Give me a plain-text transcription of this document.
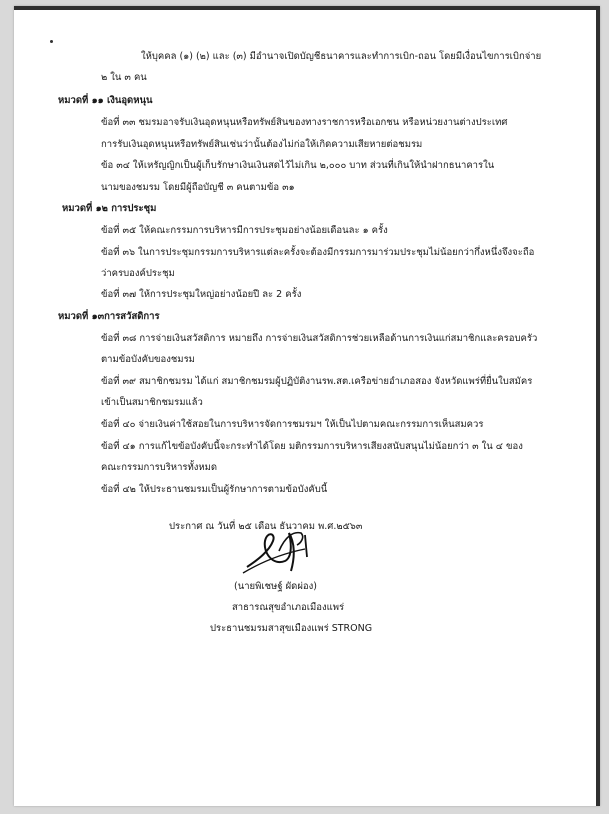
ให้บุคคล (๑) (๒) และ (๓) มีอำนาจเปิดบัญชีธนาคารและทำการเบิก-ถอน โดยมีเงื่อนไขการเบิกจ่าย
๒ ใน ๓ คน
หมวดที่ ๑๑ เงินอุดหนุน
ข้อที่ ๓๓ ชมรมอาจรับเงินอุดหนุนหรือทรัพย์สินของทางราชการหรือเอกชน หรือหน่วยงานต่างประเทศ
การรับเงินอุดหนุนหรือทรัพย์สินเช่นว่านั้นต้องไม่ก่อให้เกิดความเสียหายต่อชมรม
ข้อ ๓๔ ให้เหรัญญิกเป็นผู้เก็บรักษาเงินเงินสดไว้ไม่เกิน ๒,๐๐๐ บาท ส่วนที่เกินให้นำฝากธนาคารใน
นามของชมรม โดยมีผู้ถือบัญชี ๓ คนตามข้อ ๓๑
หมวดที่ ๑๒ การประชุม
ข้อที่ ๓๕ ให้คณะกรรมการบริหารมีการประชุมอย่างน้อยเดือนละ ๑ ครั้ง
ข้อที่ ๓๖ ในการประชุมกรรมการบริหารแต่ละครั้งจะต้องมีกรรมการมาร่วมประชุมไม่น้อยกว่ากึ่งหนึ่งจึงจะถือ
ว่าครบองค์ประชุม
ข้อที่ ๓๗ ให้การประชุมใหญ่อย่างน้อยปี ละ 2 ครั้ง
หมวดที่ ๑๓การสวัสดิการ
ข้อที่ ๓๘ การจ่ายเงินสวัสดิการ หมายถึง การจ่ายเงินสวัสดิการช่วยเหลือด้านการเงินแก่สมาชิกและครอบครัว
ตามข้อบังคับของชมรม
ข้อที่ ๓๙ สมาชิกชมรม ได้แก่ สมาชิกชมรมผู้ปฏิบัติงานรพ.สต.เครือข่ายอำเภอสอง จังหวัดแพร่ที่ยื่นใบสมัคร
เข้าเป็นสมาชิกชมรมแล้ว
ข้อที่ ๔๐ จ่ายเงินค่าใช้สอยในการบริหารจัดการชมรมฯ ให้เป็นไปตามคณะกรรมการเห็นสมควร
ข้อที่ ๔๑ การแก้ไขข้อบังคับนี้จะกระทำได้โดย มติกรรมการบริหารเสียงสนับสนุนไม่น้อยกว่า ๓ ใน ๔ ของ
คณะกรรมการบริหารทั้งหมด
ข้อที่ ๔๒ ให้ประธานชมรมเป็นผู้รักษาการตามข้อบังคับนี้
ประกาศ ณ วันที่ ๒๕ เดือน ธันวาคม พ.ศ.๒๕๖๓
(นายพิเชษฐ์ ผัดผ่อง)
สาธารณสุขอำเภอเมืองแพร่
ประธานชมรมสาสุขเมืองแพร่ STRONG
